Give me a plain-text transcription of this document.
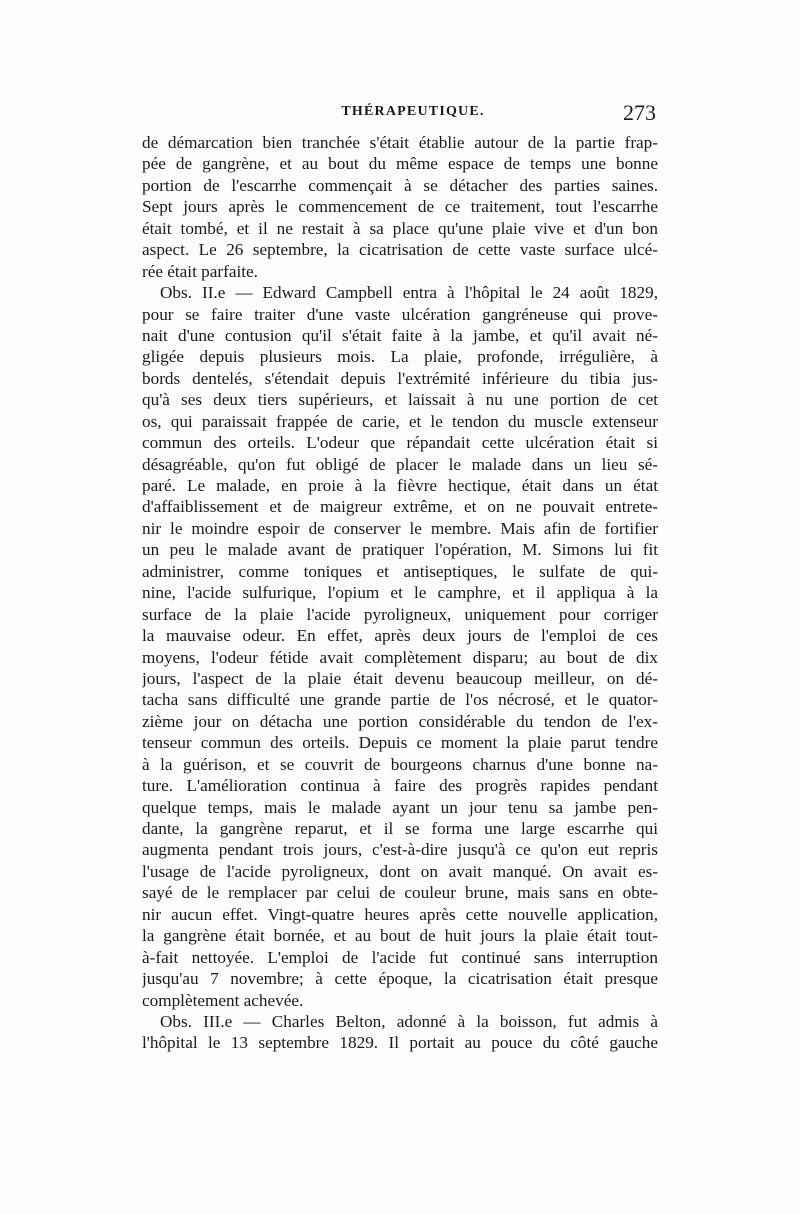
THÉRAPEUTIQUE.	273
de démarcation bien tranchée s'était établie autour de la partie frap-
pée de gangrène, et au bout du même espace de temps une bonne
portion de l'escarrhe commençait à se détacher des parties saines.
Sept jours après le commencement de ce traitement, tout l'escarrhe
était tombé, et il ne restait à sa place qu'une plaie vive et d'un bon
aspect. Le 26 septembre, la cicatrisation de cette vaste surface ulcé-
rée était parfaite.
Obs. II.e — Edward Campbell entra à l'hôpital le 24 août 1829,
pour se faire traiter d'une vaste ulcération gangréneuse qui prove-
nait d'une contusion qu'il s'était faite à la jambe, et qu'il avait né-
gligée depuis plusieurs mois. La plaie, profonde, irrégulière, à
bords dentelés, s'étendait depuis l'extrémité inférieure du tibia jus-
qu'à ses deux tiers supérieurs, et laissait à nu une portion de cet
os, qui paraissait frappée de carie, et le tendon du muscle extenseur
commun des orteils. L'odeur que répandait cette ulcération était si
désagréable, qu'on fut obligé de placer le malade dans un lieu sé-
paré. Le malade, en proie à la fièvre hectique, était dans un état
d'affaiblissement et de maigreur extrême, et on ne pouvait entrete-
nir le moindre espoir de conserver le membre. Mais afin de fortifier
un peu le malade avant de pratiquer l'opération, M. Simons lui fit
administrer, comme toniques et antiseptiques, le sulfate de qui-
nine, l'acide sulfurique, l'opium et le camphre, et il appliqua à la
surface de la plaie l'acide pyroligneux, uniquement pour corriger
la mauvaise odeur. En effet, après deux jours de l'emploi de ces
moyens, l'odeur fétide avait complètement disparu; au bout de dix
jours, l'aspect de la plaie était devenu beaucoup meilleur, on dé-
tacha sans difficulté une grande partie de l'os nécrosé, et le quator-
zième jour on détacha une portion considérable du tendon de l'ex-
tenseur commun des orteils. Depuis ce moment la plaie parut tendre
à la guérison, et se couvrit de bourgeons charnus d'une bonne na-
ture. L'amélioration continua à faire des progrès rapides pendant
quelque temps, mais le malade ayant un jour tenu sa jambe pen-
dante, la gangrène reparut, et il se forma une large escarrhe qui
augmenta pendant trois jours, c'est-à-dire jusqu'à ce qu'on eut repris
l'usage de l'acide pyroligneux, dont on avait manqué. On avait es-
sayé de le remplacer par celui de couleur brune, mais sans en obte-
nir aucun effet. Vingt-quatre heures après cette nouvelle application,
la gangrène était bornée, et au bout de huit jours la plaie était tout-
à-fait nettoyée. L'emploi de l'acide fut continué sans interruption
jusqu'au 7 novembre; à cette époque, la cicatrisation était presque
complètement achevée.
Obs. III.e — Charles Belton, adonné à la boisson, fut admis à
l'hôpital le 13 septembre 1829. Il portait au pouce du côté gauche
